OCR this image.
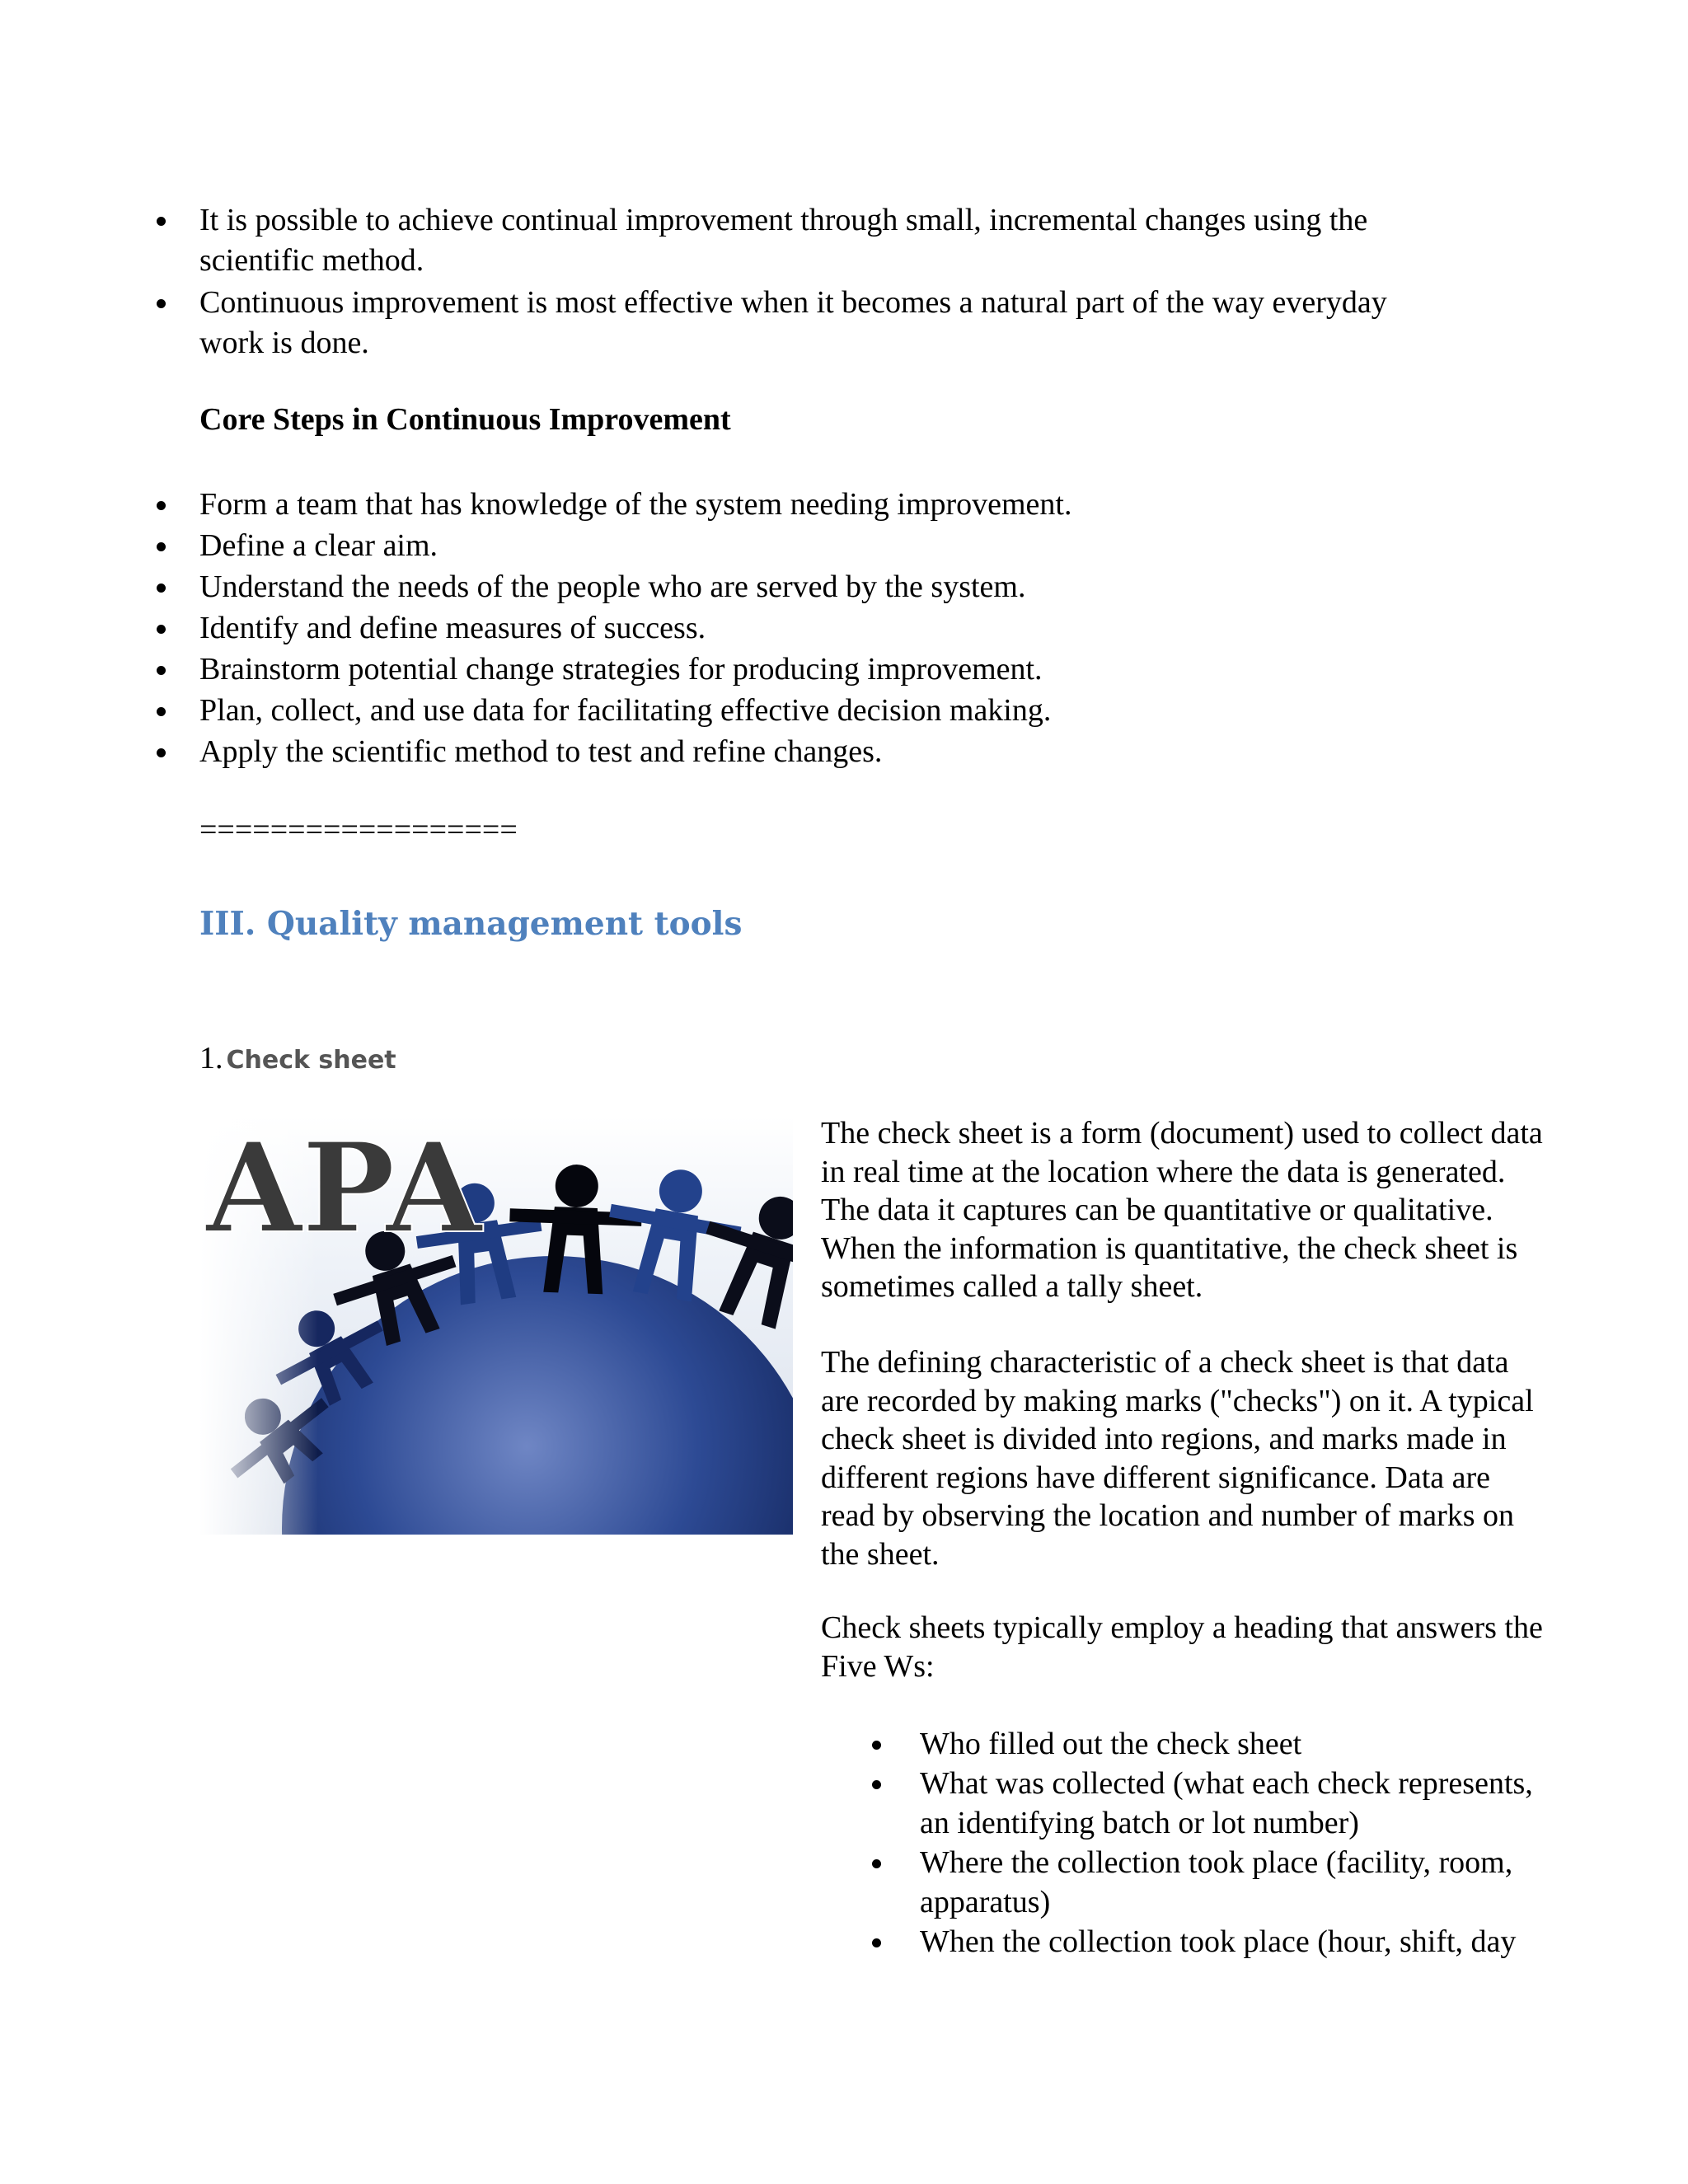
It is possible to achieve continual improvement through small, incremental changes using the
scientific method.
Continuous improvement is most effective when it becomes a natural part of the way everyday
work is done.
Core Steps in Continuous Improvement
Form a team that has knowledge of the system needing improvement.
Define a clear aim.
Understand the needs of the people who are served by the system.
Identify and define measures of success.
Brainstorm potential change strategies for producing improvement.
Plan, collect, and use data for facilitating effective decision making.
Apply the scientific method to test and refine changes.
==================
III. Quality management tools
1. Check sheet
APA	The check sheet is a form (document) used to collect data

in real time at the location where the data is generated.

The data it captures can be quantitative or qualitative.

When the information is quantitative, the check sheet is

sometimes called a tally sheet.

The defining characteristic of a check sheet is that data

are recorded by making marks ("checks") on it. A typical

check sheet is divided into regions, and marks made in

different regions have different significance. Data are

read by observing the location and number of marks on

the sheet.

Check sheets typically employ a heading that answers the

Five Ws:

Who filled out the check sheet
What was collected (what each check represents,
an identifying batch or lot number)
Where the collection took place (facility, room,
apparatus)
When the collection took place (hour, shift, day
